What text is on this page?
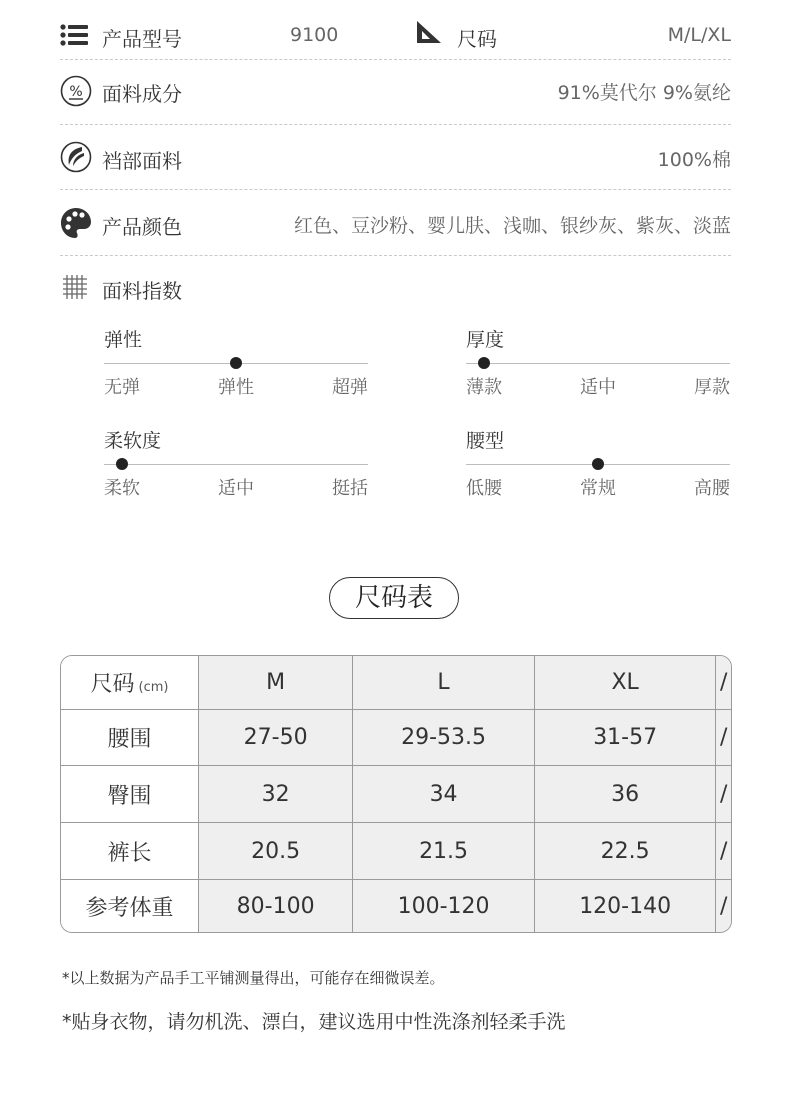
产品型号	9100	尺码	M/L/XL
% 面料成分	91%莫代尔 9%氨纶
裆部面料	100%棉
产品颜色	红色、豆沙粉、婴儿肤、浅咖、银纱灰、紫灰、淡蓝
面料指数
弹性
无弹	弹性	超弹
厚度
薄款	适中	厚款
柔软度
柔软	适中	挺括
腰型
低腰	常规	高腰
尺码表
尺码 (cm)	M	L	XL	/
腰围	27-50	29-53.5	31-57	/
臀围	32	34	36	/
裤长	20.5	21.5	22.5	/
参考体重	80-100	100-120	120-140	/
*以上数据为产品手工平铺测量得出，可能存在细微误差。
*贴身衣物，请勿机洗、漂白，建议选用中性洗涤剂轻柔手洗
